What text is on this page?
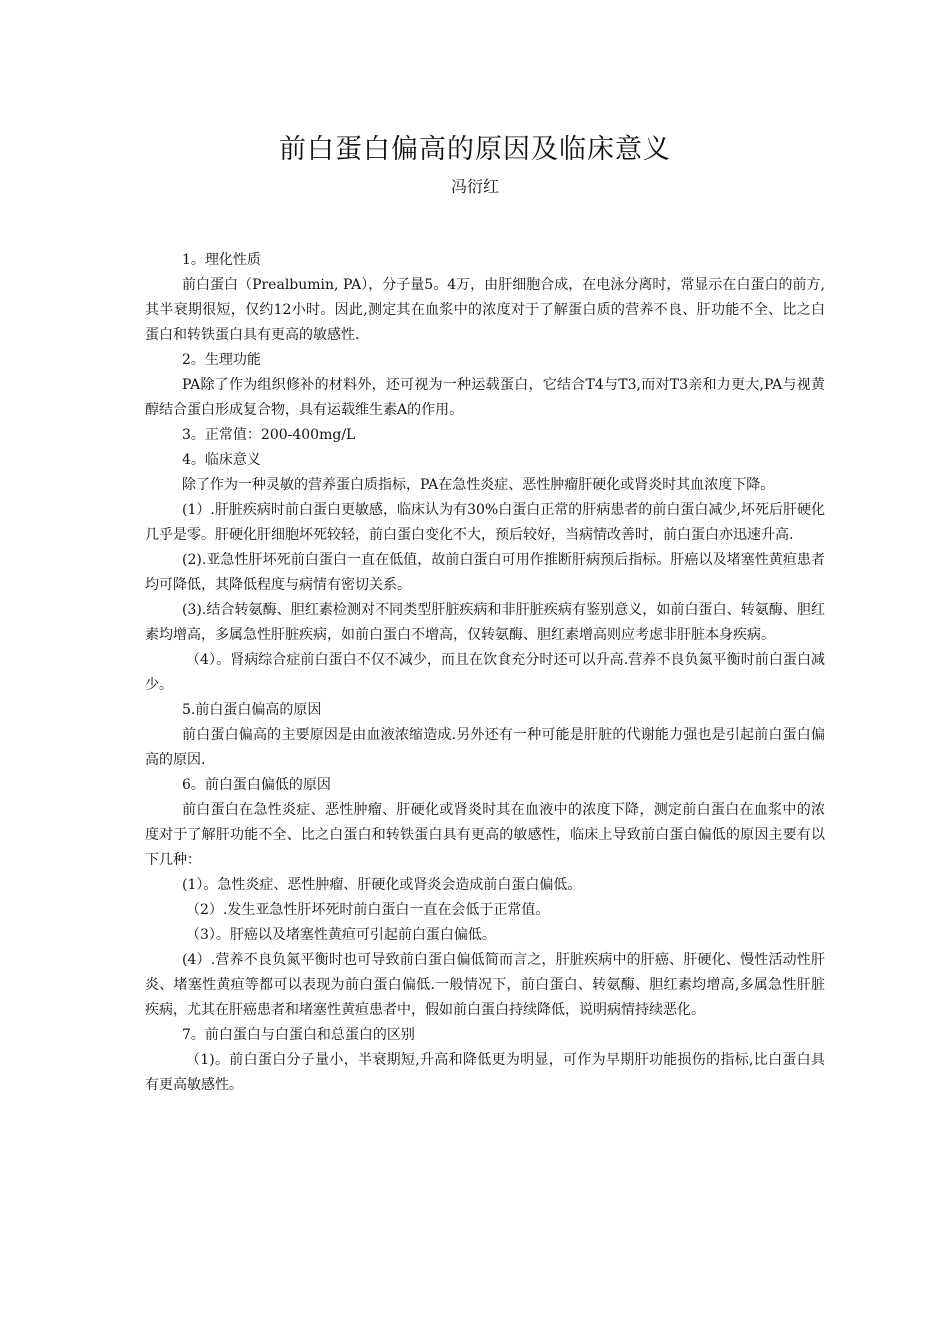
前白蛋白偏高的原因及临床意义
冯衍红

1。理化性质

前白蛋白（Prealbumin, PA），分子量5。4万，由肝细胞合成，在电泳分离时，常显示在白蛋白的前方,其半衰期很短，仅约12小时。因此,测定其在血浆中的浓度对于了解蛋白质的营养不良、肝功能不全、比之白蛋白和转铁蛋白具有更高的敏感性.

2。生理功能

PA除了作为组织修补的材料外，还可视为一种运载蛋白，它结合T4与T3,而对T3亲和力更大,PA与视黄醇结合蛋白形成复合物，具有运载维生素A的作用。

3。正常值：200-400mg/L

4。临床意义

除了作为一种灵敏的营养蛋白质指标，PA在急性炎症、恶性肿瘤肝硬化或肾炎时其血浓度下降。

(1）.肝脏疾病时前白蛋白更敏感，临床认为有30%白蛋白正常的肝病患者的前白蛋白减少,坏死后肝硬化几乎是零。肝硬化肝细胞坏死较轻，前白蛋白变化不大，预后较好，当病情改善时，前白蛋白亦迅速升高.

(2).亚急性肝坏死前白蛋白一直在低值，故前白蛋白可用作推断肝病预后指标。肝癌以及堵塞性黄疸患者均可降低，其降低程度与病情有密切关系。

(3).结合转氨酶、胆红素检测对不同类型肝脏疾病和非肝脏疾病有鉴别意义，如前白蛋白、转氨酶、胆红素均增高，多属急性肝脏疾病，如前白蛋白不增高，仅转氨酶、胆红素增高则应考虑非肝脏本身疾病。

（4）。肾病综合症前白蛋白不仅不减少，而且在饮食充分时还可以升高.营养不良负氮平衡时前白蛋白减少。

5.前白蛋白偏高的原因

前白蛋白偏高的主要原因是由血液浓缩造成.另外还有一种可能是肝脏的代谢能力强也是引起前白蛋白偏高的原因.

6。前白蛋白偏低的原因

前白蛋白在急性炎症、恶性肿瘤、肝硬化或肾炎时其在血液中的浓度下降，测定前白蛋白在血浆中的浓度对于了解肝功能不全、比之白蛋白和转铁蛋白具有更高的敏感性，临床上导致前白蛋白偏低的原因主要有以下几种：

(1）。急性炎症、恶性肿瘤、肝硬化或肾炎会造成前白蛋白偏低。

（2）.发生亚急性肝坏死时前白蛋白一直在会低于正常值。

（3）。肝癌以及堵塞性黄疸可引起前白蛋白偏低。

(4）.营养不良负氮平衡时也可导致前白蛋白偏低简而言之，肝脏疾病中的肝癌、肝硬化、慢性活动性肝炎、堵塞性黄疸等都可以表现为前白蛋白偏低.一般情况下，前白蛋白、转氨酶、胆红素均增高,多属急性肝脏疾病，尤其在肝癌患者和堵塞性黄疸患者中，假如前白蛋白持续降低，说明病情持续恶化。

7。前白蛋白与白蛋白和总蛋白的区别

（1)。前白蛋白分子量小，半衰期短,升高和降低更为明显，可作为早期肝功能损伤的指标,比白蛋白具有更高敏感性。
